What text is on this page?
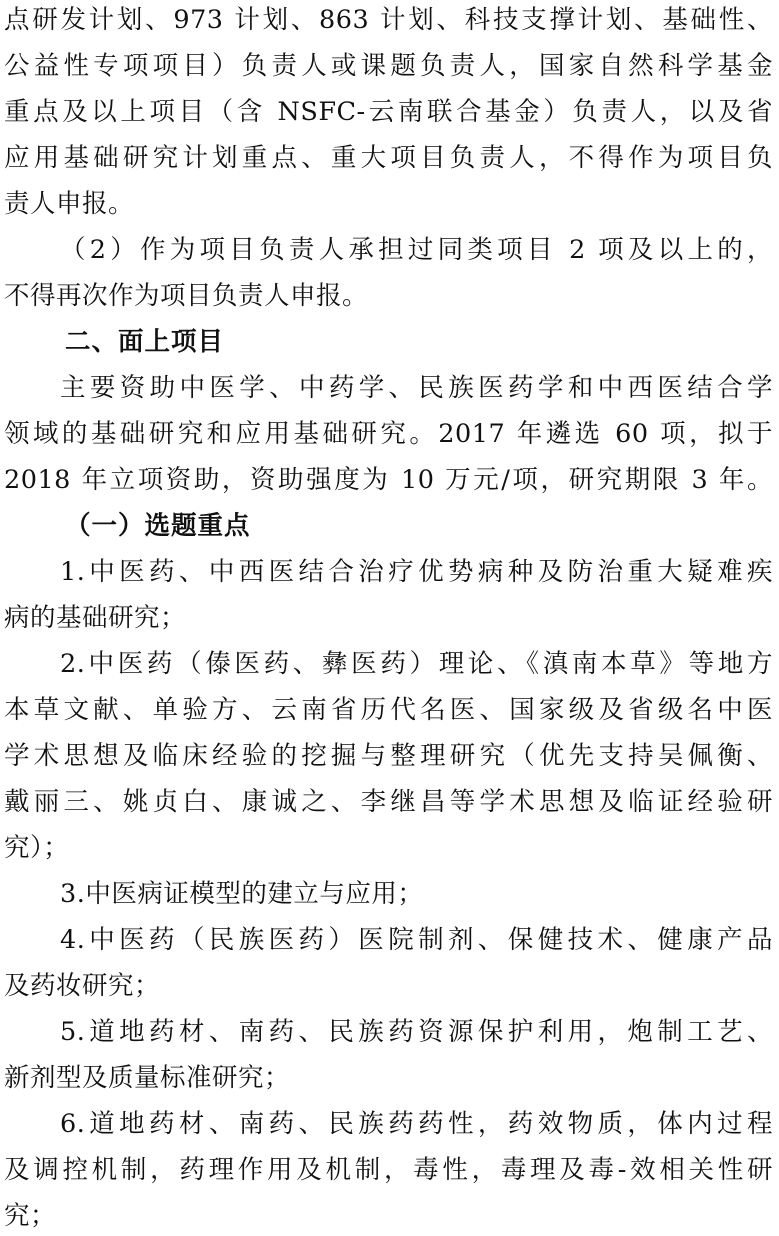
点研发计划、973 计划、863 计划、科技支撑计划、基础性、
公益性专项项目）负责人或课题负责人，国家自然科学基金
重点及以上项目（含 NSFC-云南联合基金）负责人，以及省
应用基础研究计划重点、重大项目负责人，不得作为项目负
责人申报。
（2）作为项目负责人承担过同类项目 2 项及以上的，
不得再次作为项目负责人申报。
二、面上项目
主要资助中医学、中药学、民族医药学和中西医结合学
领域的基础研究和应用基础研究。2017 年遴选 60 项，拟于
2018 年立项资助，资助强度为 10 万元/项，研究期限 3 年。
（一）选题重点
1.中医药、中西医结合治疗优势病种及防治重大疑难疾
病的基础研究；
2.中医药（傣医药、彝医药）理论、《滇南本草》等地方
本草文献、单验方、云南省历代名医、国家级及省级名中医
学术思想及临床经验的挖掘与整理研究（优先支持吴佩衡、
戴丽三、姚贞白、康诚之、李继昌等学术思想及临证经验研
究）；
3.中医病证模型的建立与应用；
4.中医药（民族医药）医院制剂、保健技术、健康产品
及药妆研究；
5.道地药材、南药、民族药资源保护利用，炮制工艺、
新剂型及质量标准研究；
6.道地药材、南药、民族药药性，药效物质，体内过程
及调控机制，药理作用及机制，毒性，毒理及毒-效相关性研
究；
